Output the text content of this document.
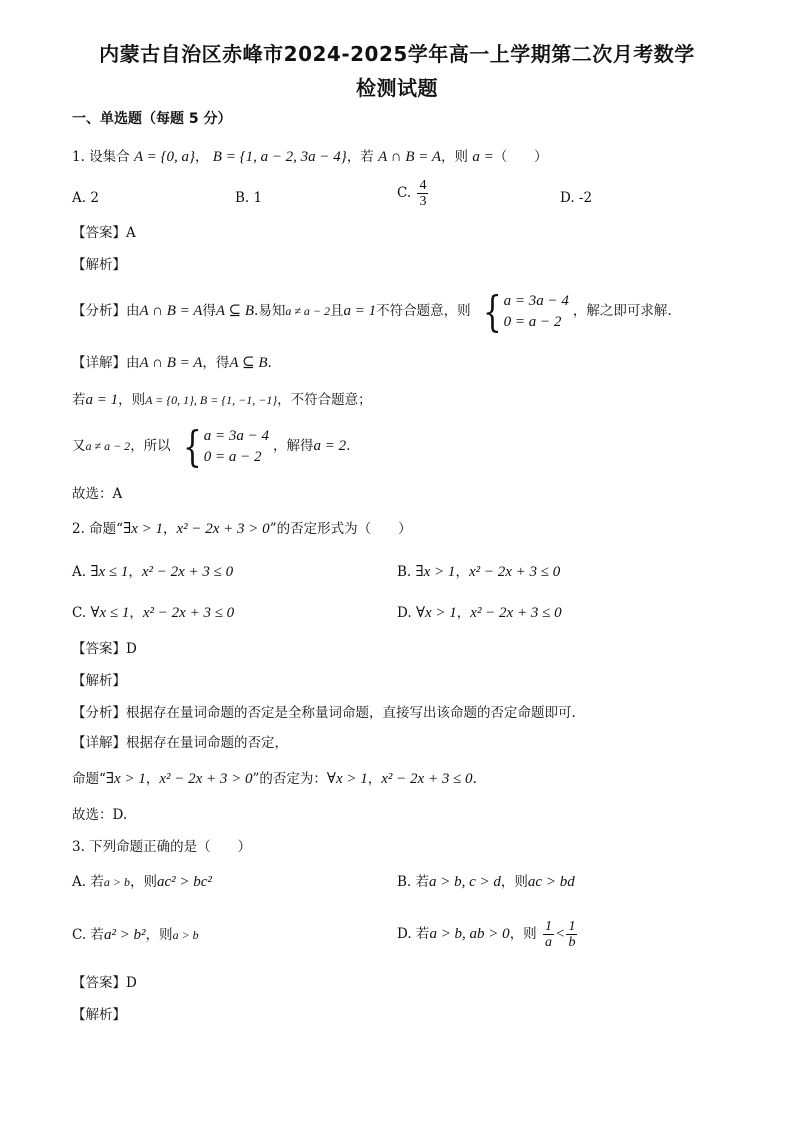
内蒙古自治区赤峰市2024-2025学年高一上学期第二次月考数学
检测试题
一、单选题（每题 5 分）
1. 设集合 A = {0, a}， B = {1, a − 2, 3a − 4}，若 A ∩ B = A，则 a =（　　）
A. 2	B. 1	C. $\frac{4}{3}$	D. -2
【答案】A
【解析】
【分析】由A ∩ B = A得A ⊆ B.易知a ≠ a − 2且a = 1不符合题意，则 { a = 3a − 4
0 = a − 2
，解之即可求解.
【详解】由A ∩ B = A，得A ⊆ B.
若a = 1，则A = {0, 1}, B = {1, −1, −1}，不符合题意；
又a ≠ a − 2，所以 { a = 3a − 4
0 = a − 2
，解得a = 2.
故选：A
2. 命题“∃x > 1，x² − 2x + 3 > 0”的否定形式为（　　）
A. ∃x ≤ 1，x² − 2x + 3 ≤ 0	B. ∃x > 1，x² − 2x + 3 ≤ 0
C. ∀x ≤ 1，x² − 2x + 3 ≤ 0	D. ∀x > 1，x² − 2x + 3 ≤ 0
【答案】D
【解析】
【分析】根据存在量词命题的否定是全称量词命题，直接写出该命题的否定命题即可.
【详解】根据存在量词命题的否定，
命题“∃x > 1，x² − 2x + 3 > 0”的否定为：∀x > 1，x² − 2x + 3 ≤ 0.
故选：D.
3. 下列命题正确的是（　　）
A. 若a > b，则ac² > bc²	B. 若a > b, c > d，则ac > bd
C. 若a² > b²，则a > b	D. 若a > b, ab > 0，则 $\frac{1}{a} < \frac{1}{b}$
【答案】D
【解析】
